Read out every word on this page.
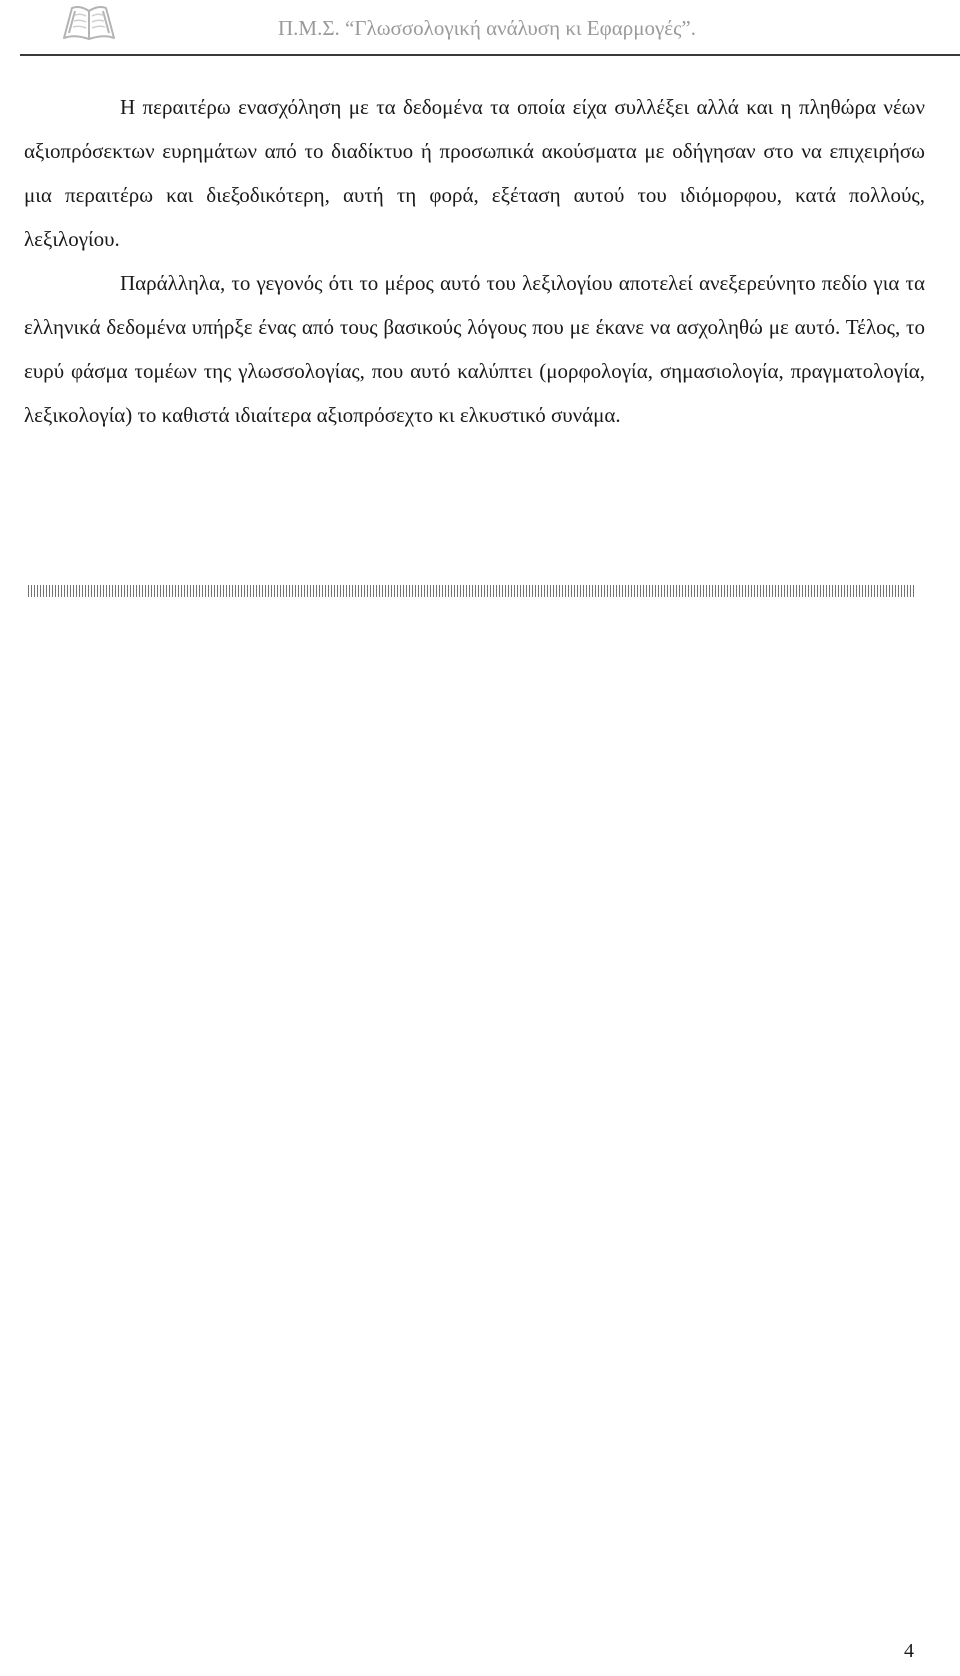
Π.Μ.Σ. “Γλωσσολογική ανάλυση κι Εφαρμογές”.

Η περαιτέρω ενασχόληση με τα δεδομένα τα οποία είχα συλλέξει αλλά και η πληθώρα νέων αξιοπρόσεκτων ευρημάτων από το διαδίκτυο ή προσωπικά ακούσματα με οδήγησαν στο να επιχειρήσω μια περαιτέρω και διεξοδικότερη, αυτή τη φορά, εξέταση αυτού του ιδιόμορφου, κατά πολλούς, λεξιλογίου.

Παράλληλα, το γεγονός ότι το μέρος αυτό του λεξιλογίου αποτελεί ανεξερεύνητο πεδίο για τα ελληνικά δεδομένα υπήρξε ένας από τους βασικούς λόγους που με έκανε να ασχοληθώ με αυτό. Τέλος, το ευρύ φάσμα τομέων της γλωσσολογίας, που αυτό καλύπτει (μορφολογία, σημασιολογία, πραγματολογία, λεξικολογία) το καθιστά ιδιαίτερα αξιοπρόσεχτο κι ελκυστικό συνάμα.

4
